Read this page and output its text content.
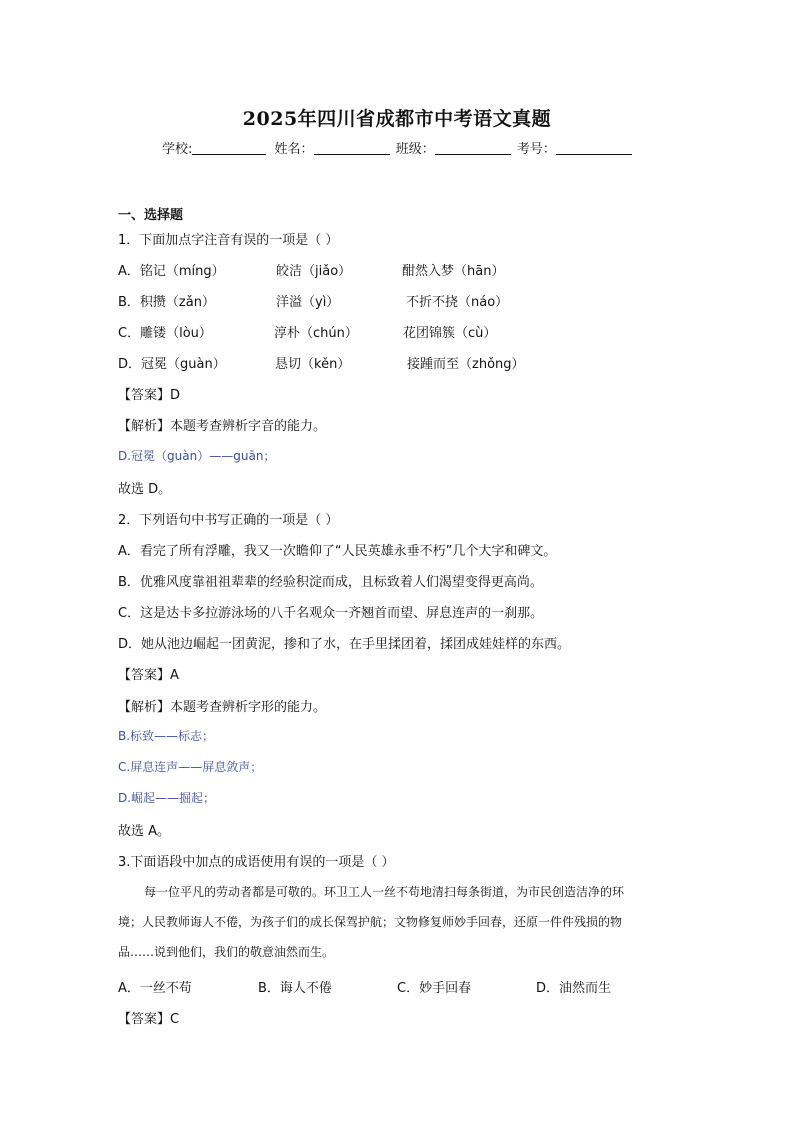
2025年四川省成都市中考语文真题
学校:	姓名：	班级：	考号：
一、选择题
1．下面加点字注音有误的一项是（ ）
A．铭记（míng）	皎洁（jiǎo）	酣然入梦（hān）
B．积攒（zǎn）	洋溢（yì）	不折不挠（náo）
C．雕镂（lòu）	淳朴（chún）	花团锦簇（cù）
D．冠冕（guàn）	恳切（kěn）	接踵而至（zhǒng）
【答案】D
【解析】本题考查辨析字音的能力。
D.冠冕（guàn）——guān；
故选 D。
2．下列语句中书写正确的一项是（ ）
A．看完了所有浮雕，我又一次瞻仰了“人民英雄永垂不朽”几个大字和碑文。
B．优雅风度靠祖祖辈辈的经验积淀而成，且标致着人们渴望变得更高尚。
C．这是达卡多拉游泳场的八千名观众一齐翘首而望、屏息连声的一刹那。
D．她从池边崛起一团黄泥，掺和了水，在手里揉团着，揉团成娃娃样的东西。
【答案】A
【解析】本题考查辨析字形的能力。
B.标致——标志；
C.屏息连声——屏息敛声；
D.崛起——掘起；
故选 A。
3.下面语段中加点的成语使用有误的一项是（ ）
每一位平凡的劳动者都是可敬的。环卫工人一丝不苟地清扫每条街道，为市民创造洁净的环境；人民教师诲人不倦，为孩子们的成长保驾护航；文物修复师妙手回春，还原一件件残损的物品……说到他们，我们的敬意油然而生。
A．一丝不苟	B．诲人不倦	C．妙手回春	D．油然而生
【答案】C
